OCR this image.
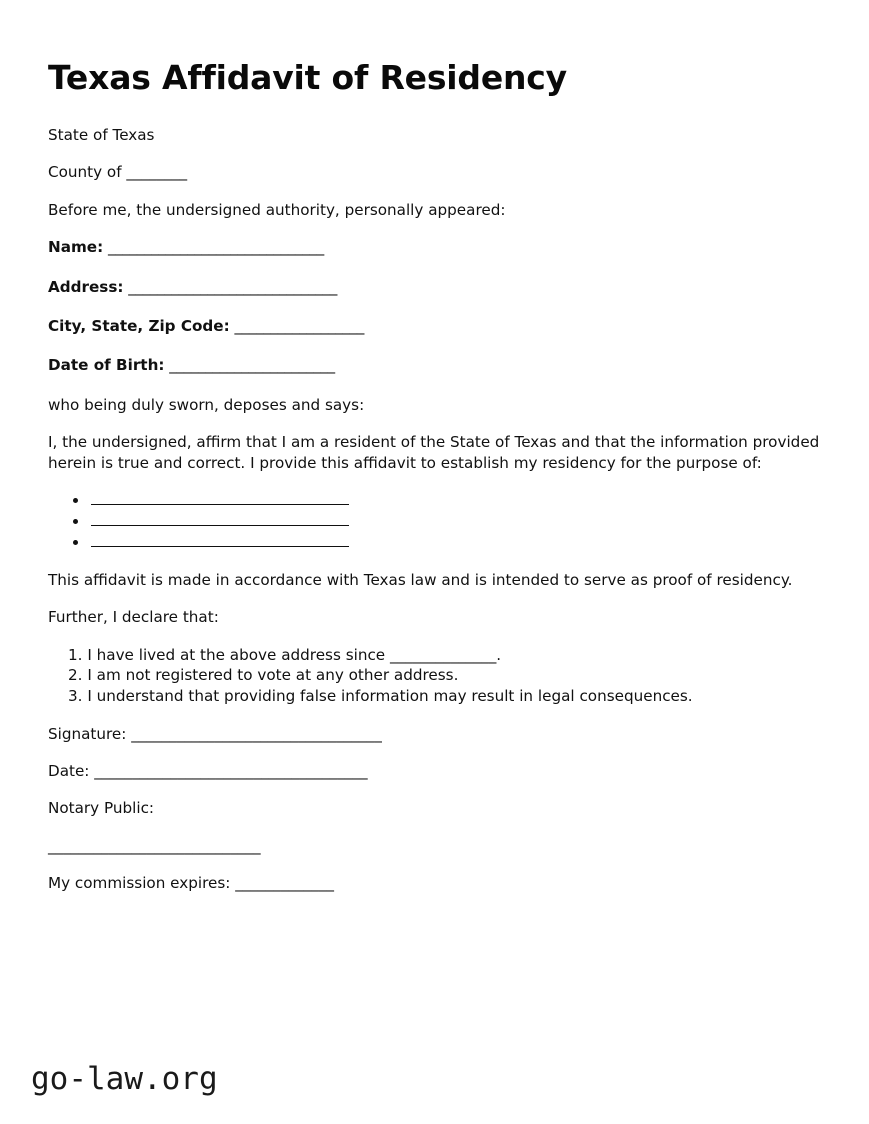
Texas Affidavit of Residency

State of Texas

County of ________

Before me, the undersigned authority, personally appeared:

Name: ______________________________
Address: _____________________________
City, State, Zip Code: __________________
Date of Birth: _______________________

who being duly sworn, deposes and says:

I, the undersigned, affirm that I am a resident of the State of Texas and that the information provided herein is true and correct. I provide this affidavit to establish my residency for the purpose of:

This affidavit is made in accordance with Texas law and is intended to serve as proof of residency.

Further, I declare that:

I have lived at the above address since ______________.
I am not registered to vote at any other address.
I understand that providing false information may result in legal consequences.

Signature: _________________________________

Date: ____________________________________

Notary Public:

____________________________

My commission expires: _____________

go-law.org
